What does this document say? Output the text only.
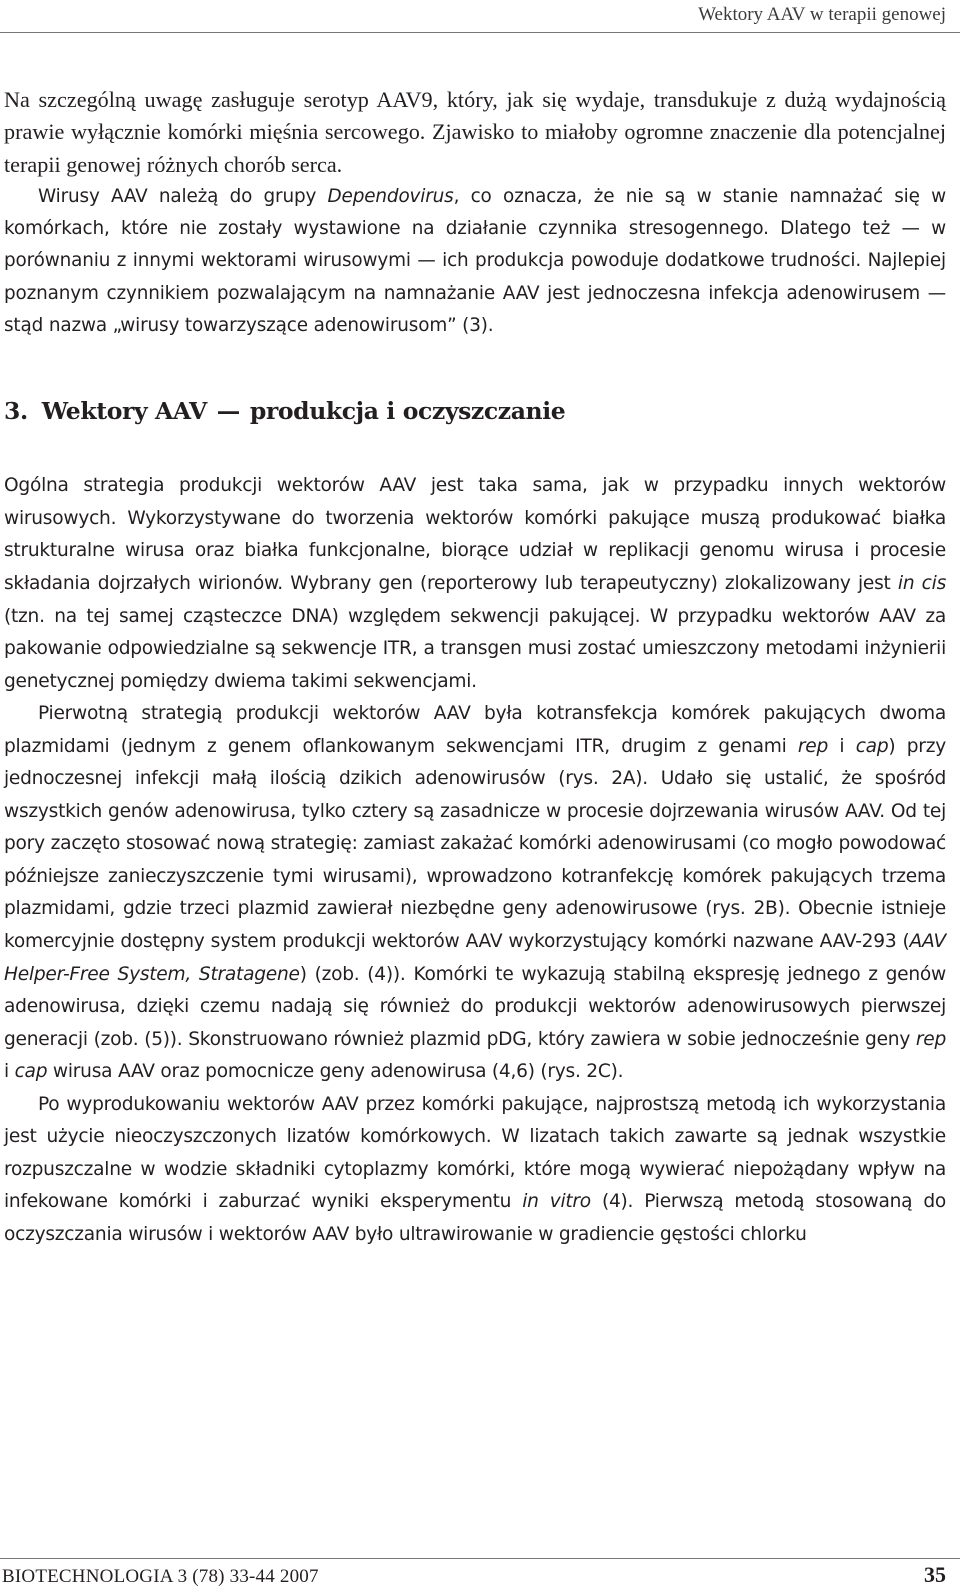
Wektory AAV w terapii genowej

Na szczególną uwagę zasługuje serotyp AAV9, który, jak się wydaje, transdukuje z dużą wydajnością prawie wyłącznie komórki mięśnia sercowego. Zjawisko to miałoby ogromne znaczenie dla potencjalnej terapii genowej różnych chorób serca.

Wirusy AAV należą do grupy Dependovirus, co oznacza, że nie są w stanie namnażać się w komórkach, które nie zostały wystawione na działanie czynnika stresogennego. Dlatego też — w porównaniu z innymi wektorami wirusowymi — ich produkcja powoduje dodatkowe trudności. Najlepiej poznanym czynnikiem pozwalającym na namnażanie AAV jest jednoczesna infekcja adenowirusem — stąd nazwa „wirusy towarzyszące adenowirusom” (3).

3. Wektory AAV — produkcja i oczyszczanie

Ogólna strategia produkcji wektorów AAV jest taka sama, jak w przypadku innych wektorów wirusowych. Wykorzystywane do tworzenia wektorów komórki pakujące muszą produkować białka strukturalne wirusa oraz białka funkcjonalne, biorące udział w replikacji genomu wirusa i procesie składania dojrzałych wirionów. Wybrany gen (reporterowy lub terapeutyczny) zlokalizowany jest in cis (tzn. na tej samej cząsteczce DNA) względem sekwencji pakującej. W przypadku wektorów AAV za pakowanie odpowiedzialne są sekwencje ITR, a transgen musi zostać umieszczony metodami inżynierii genetycznej pomiędzy dwiema takimi sekwencjami.

Pierwotną strategią produkcji wektorów AAV była kotransfekcja komórek pakujących dwoma plazmidami (jednym z genem oflankowanym sekwencjami ITR, drugim z genami rep i cap) przy jednoczesnej infekcji małą ilością dzikich adenowirusów (rys. 2A). Udało się ustalić, że spośród wszystkich genów adenowirusa, tylko cztery są zasadnicze w procesie dojrzewania wirusów AAV. Od tej pory zaczęto stosować nową strategię: zamiast zakażać komórki adenowirusami (co mogło powodować późniejsze zanieczyszczenie tymi wirusami), wprowadzono kotranfekcję komórek pakujących trzema plazmidami, gdzie trzeci plazmid zawierał niezbędne geny adenowirusowe (rys. 2B). Obecnie istnieje komercyjnie dostępny system produkcji wektorów AAV wykorzystujący komórki nazwane AAV-293 (AAV Helper-Free System, Stratagene) (zob. (4)). Komórki te wykazują stabilną ekspresję jednego z genów adenowirusa, dzięki czemu nadają się również do produkcji wektorów adenowirusowych pierwszej generacji (zob. (5)). Skonstruowano również plazmid pDG, który zawiera w sobie jednocześnie geny rep i cap wirusa AAV oraz pomocnicze geny adenowirusa (4,6) (rys. 2C).

Po wyprodukowaniu wektorów AAV przez komórki pakujące, najprostszą metodą ich wykorzystania jest użycie nieoczyszczonych lizatów komórkowych. W lizatach takich zawarte są jednak wszystkie rozpuszczalne w wodzie składniki cytoplazmy komórki, które mogą wywierać niepożądany wpływ na infekowane komórki i zaburzać wyniki eksperymentu in vitro (4). Pierwszą metodą stosowaną do oczyszczania wirusów i wektorów AAV było ultrawirowanie w gradiencie gęstości chlorku

BIOTECHNOLOGIA 3 (78) 33-44 2007	35
